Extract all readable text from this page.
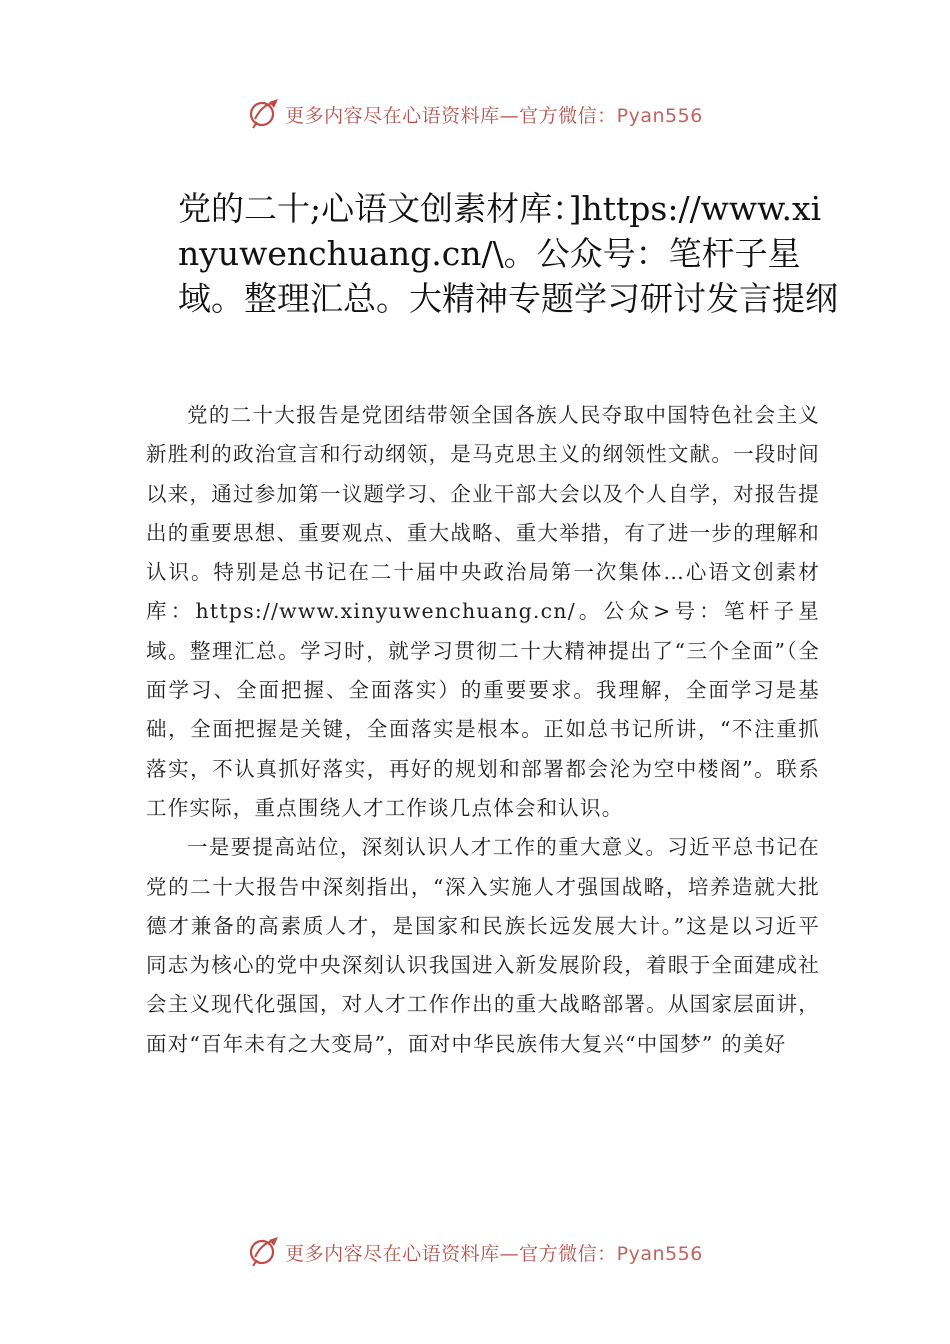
更多内容尽在心语资料库—官方微信：Pyan556
党的二十;心语文创素材库：]https://www.xinyuwenchuang.cn/\。公众号：笔杆子星域。整理汇总。大精神专题学习研讨发言提纲

党的二十大报告是党团结带领全国各族人民夺取中国特色社会主义新胜利的政治宣言和行动纲领，是马克思主义的纲领性文献。一段时间以来，通过参加第一议题学习、企业干部大会以及个人自学，对报告提出的重要思想、重要观点、重大战略、重大举措，有了进一步的理解和认识。特别是总书记在二十届中央政治局第一次集体…心语文创素材库：https://www.xinyuwenchuang.cn/。公众>号：笔杆子星域。整理汇总。学习时，就学习贯彻二十大精神提出了“三个全面”（全面学习、全面把握、全面落实）的重要要求。我理解，全面学习是基础，全面把握是关键，全面落实是根本。正如总书记所讲，“不注重抓落实，不认真抓好落实，再好的规划和部署都会沦为空中楼阁”。联系工作实际，重点围绕人才工作谈几点体会和认识。

一是要提高站位，深刻认识人才工作的重大意义。习近平总书记在党的二十大报告中深刻指出，“深入实施人才强国战略，培养造就大批德才兼备的高素质人才，是国家和民族长远发展大计。”这是以习近平同志为核心的党中央深刻认识我国进入新发展阶段，着眼于全面建成社会主义现代化强国，对人才工作作出的重大战略部署。从国家层面讲，面对“百年未有之大变局”，面对中华民族伟大复兴“中国梦” 的美好

更多内容尽在心语资料库—官方微信：Pyan556
